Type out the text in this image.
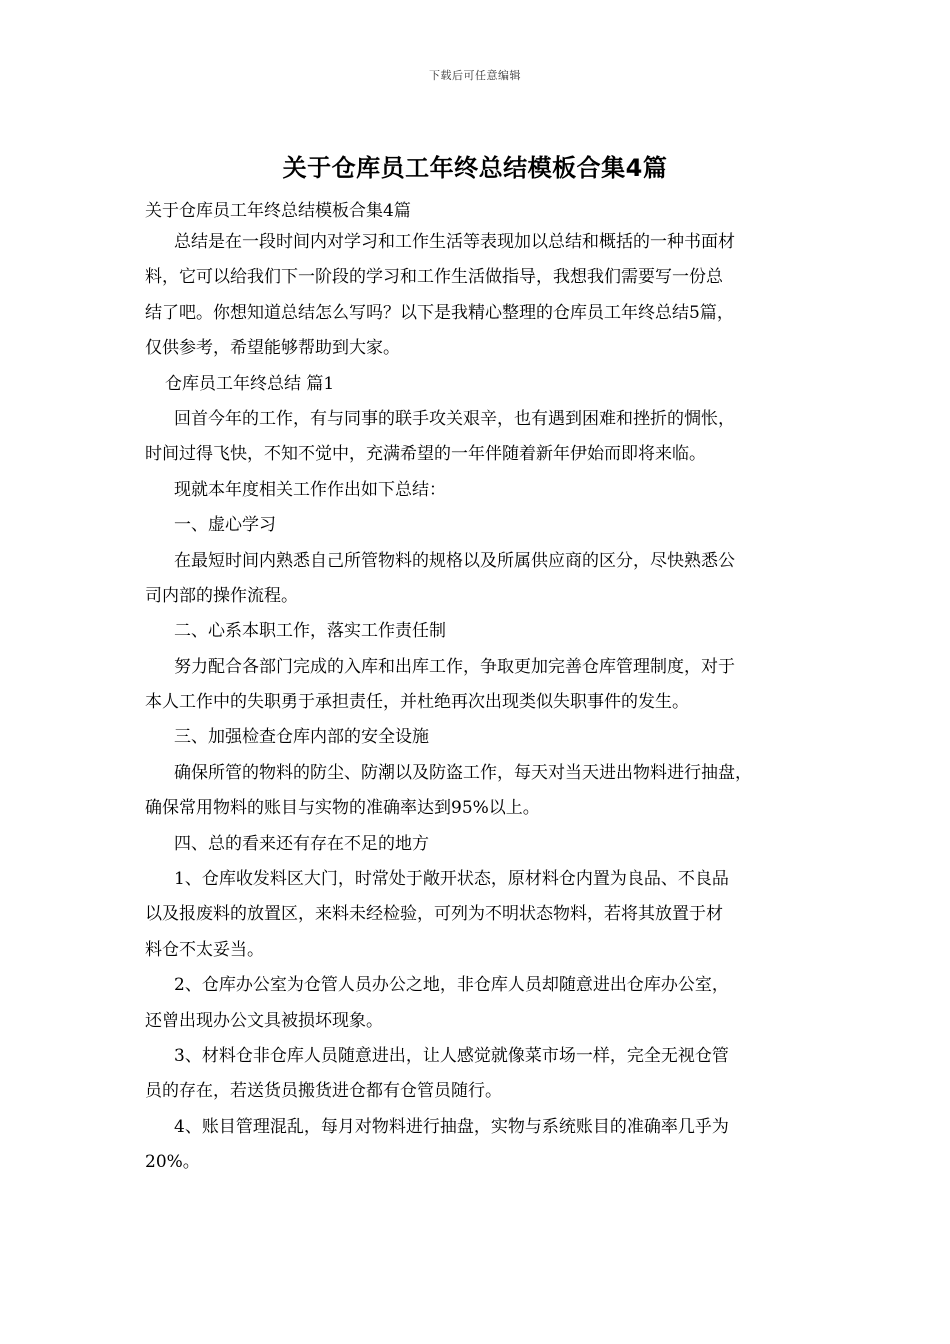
下载后可任意编辑
关于仓库员工年终总结模板合集4篇
关于仓库员工年终总结模板合集4篇
总结是在一段时间内对学习和工作生活等表现加以总结和概括的一种书面材
料，它可以给我们下一阶段的学习和工作生活做指导，我想我们需要写一份总
结了吧。你想知道总结怎么写吗？以下是我精心整理的仓库员工年终总结5篇，
仅供参考，希望能够帮助到大家。
仓库员工年终总结 篇1
回首今年的工作，有与同事的联手攻关艰辛，也有遇到困难和挫折的惆怅，
时间过得飞快，不知不觉中，充满希望的一年伴随着新年伊始而即将来临。
现就本年度相关工作作出如下总结：
一、虚心学习
在最短时间内熟悉自己所管物料的规格以及所属供应商的区分，尽快熟悉公
司内部的操作流程。
二、心系本职工作，落实工作责任制
努力配合各部门完成的入库和出库工作，争取更加完善仓库管理制度，对于
本人工作中的失职勇于承担责任，并杜绝再次出现类似失职事件的发生。
三、加强检查仓库内部的安全设施
确保所管的物料的防尘、防潮以及防盗工作，每天对当天进出物料进行抽盘，
确保常用物料的账目与实物的准确率达到95%以上。
四、总的看来还有存在不足的地方
1、仓库收发料区大门，时常处于敞开状态，原材料仓内置为良品、不良品
以及报废料的放置区，来料未经检验，可列为不明状态物料，若将其放置于材
料仓不太妥当。
2、仓库办公室为仓管人员办公之地，非仓库人员却随意进出仓库办公室，
还曾出现办公文具被损坏现象。
3、材料仓非仓库人员随意进出，让人感觉就像菜市场一样，完全无视仓管
员的存在，若送货员搬货进仓都有仓管员随行。
4、账目管理混乱，每月对物料进行抽盘，实物与系统账目的准确率几乎为
20%。
